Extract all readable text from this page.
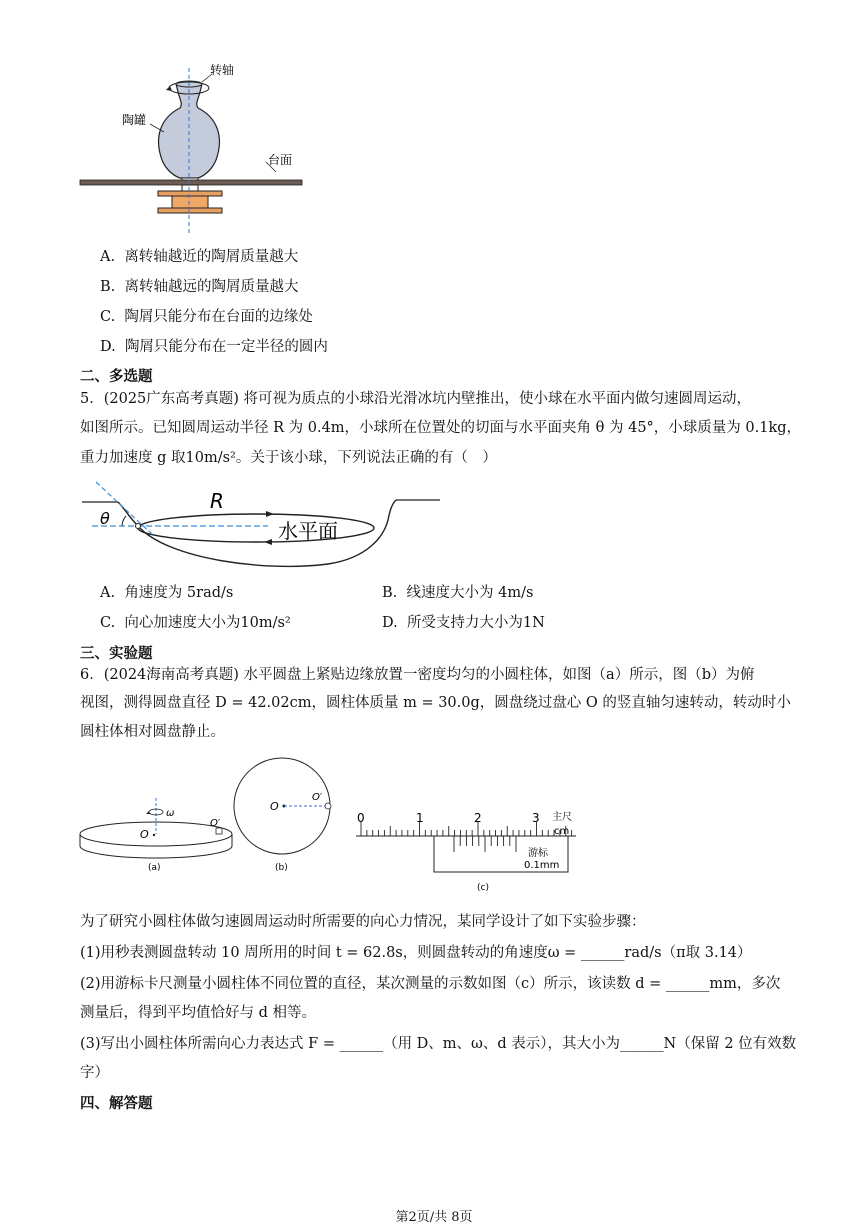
转轴
陶罐
台面
A. 离转轴越近的陶屑质量越大
B. 离转轴越远的陶屑质量越大
C. 陶屑只能分布在台面的边缘处
D. 陶屑只能分布在一定半径的圆内
二、多选题
5．(2025广东高考真题) 将可视为质点的小球沿光滑冰坑内壁推出，使小球在水平面内做匀速圆周运动，
如图所示。已知圆周运动半径 R 为 0.4m，小球所在位置处的切面与水平面夹角 θ 为 45°，小球质量为 0.1kg，
重力加速度 g 取10m/s²。关于该小球，下列说法正确的有（　）
θ
R
水平面
A. 角速度为 5rad/s	B. 线速度大小为 4m/s
C. 向心加速度大小为10m/s²	D. 所受支持力大小为1N
三、实验题
6．(2024海南高考真题) 水平圆盘上紧贴边缘放置一密度均匀的小圆柱体，如图（a）所示，图（b）为俯
视图，测得圆盘直径 D = 42.02cm，圆柱体质量 m = 30.0g，圆盘绕过盘心 O 的竖直轴匀速转动，转动时小
圆柱体相对圆盘静止。
ω
O
O′
(a)
O
O′
(b)
0	1	2	3 主尺
cm
游标
0.1mm
(c)
为了研究小圆柱体做匀速圆周运动时所需要的向心力情况，某同学设计了如下实验步骤：
(1)用秒表测圆盘转动 10 周所用的时间 t = 62.8s，则圆盘转动的角速度ω = ______rad/s（π取 3.14）
(2)用游标卡尺测量小圆柱体不同位置的直径，某次测量的示数如图（c）所示，该读数 d = ______mm，多次
测量后，得到平均值恰好与 d 相等。
(3)写出小圆柱体所需向心力表达式 F = ______（用 D、m、ω、d 表示），其大小为______N（保留 2 位有效数
字）
四、解答题
第2页/共 8页
